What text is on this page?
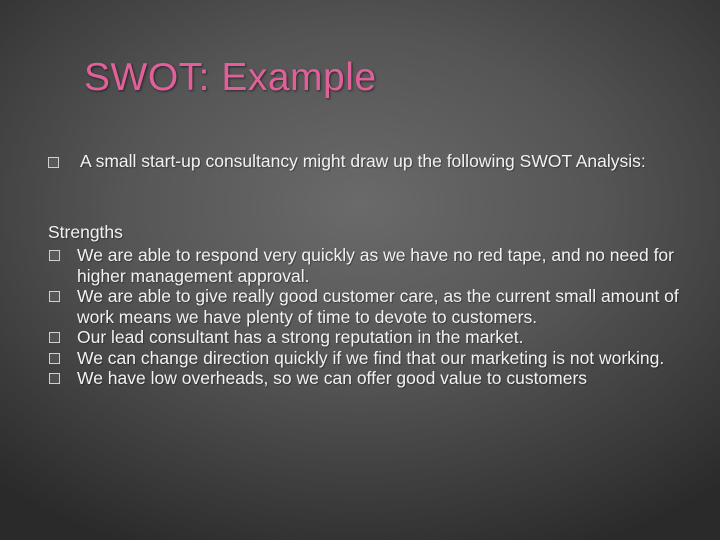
SWOT: Example
A small start-up consultancy might draw up the following SWOT Analysis:
Strengths
We are able to respond very quickly as we have no red tape, and no need for higher management approval.
We are able to give really good customer care, as the current small amount of work means we have plenty of time to devote to customers.
Our lead consultant has a strong reputation in the market.
We can change direction quickly if we find that our marketing is not working.
We have low overheads, so we can offer good value to customers
